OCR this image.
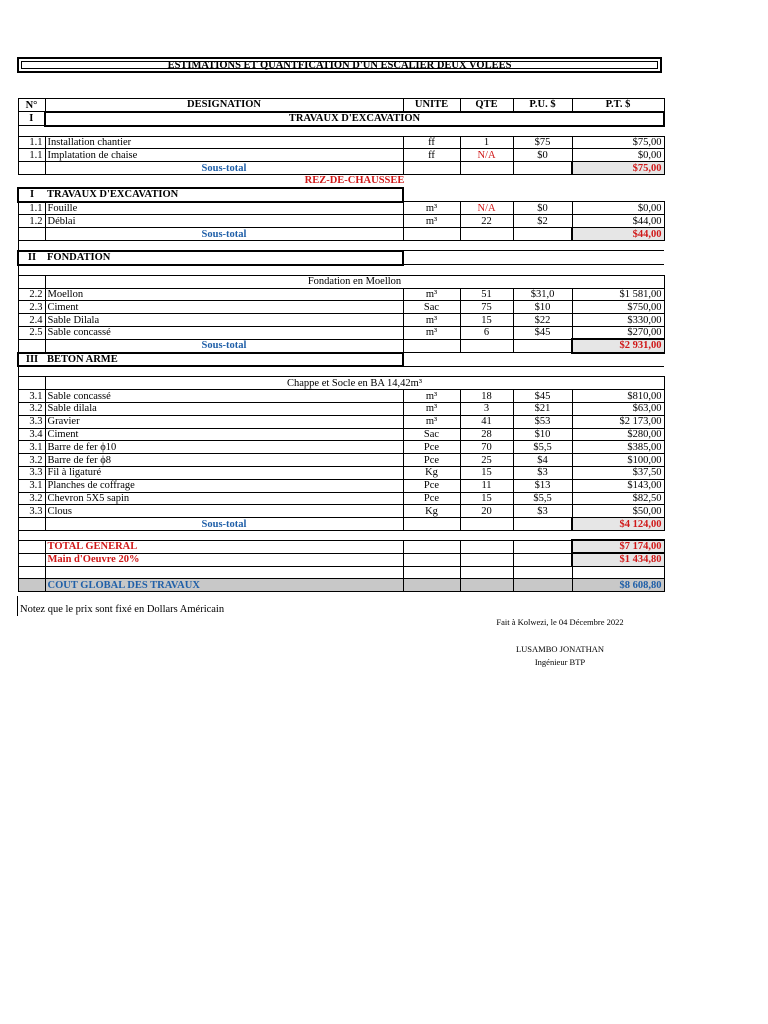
ESTIMATIONS ET QUANTFICATION D'UN ESCALIER DEUX VOLEES
N°	DESIGNATION	UNITE	QTE	P.U. $	P.T. $
I	TRAVAUX D'EXCAVATION				

1.1	Installation chantier	ff	1	$75	$75,00
1.1	Implatation de chaise	ff	N/A	$0	$0,00
	Sous-total				$75,00
	REZ-DE-CHAUSSEE				
I	TRAVAUX D'EXCAVATION				
1.1	Fouille	m³	N/A	$0	$0,00
1.2	Déblai	m³	22	$2	$44,00
	Sous-total				$44,00

II	FONDATION				

	Fondation en Moellon				
2.2	Moellon	m³	51	$31,0	$1 581,00
2.3	Ciment	Sac	75	$10	$750,00
2.4	Sable Dilala	m³	15	$22	$330,00
2.5	Sable concassé	m³	6	$45	$270,00
	Sous-total				$2 931,00
III	BETON ARME				

	Chappe et Socle en BA 14,42m³				
3.1	Sable concassé	m³	18	$45	$810,00
3.2	Sable dilala	m³	3	$21	$63,00
3.3	Gravier	m³	41	$53	$2 173,00
3.4	Ciment	Sac	28	$10	$280,00
3.1	Barre de fer ϕ10	Pce	70	$5,5	$385,00
3.2	Barre de fer ϕ8	Pce	25	$4	$100,00
3.3	Fil à ligaturé	Kg	15	$3	$37,50
3.1	Planches de coffrage	Pce	11	$13	$143,00
3.2	Chevron 5X5 sapin	Pce	15	$5,5	$82,50
3.3	Clous	Kg	20	$3	$50,00
	Sous-total				$4 124,00

	TOTAL GENERAL				$7 174,00
	Main d'Oeuvre 20%				$1 434,80

	COUT GLOBAL DES TRAVAUX				$8 608,80
Notez que le prix sont fixé en Dollars Américain
Fait à Kolwezi, le 04 Décembre 2022
LUSAMBO JONATHAN
Ingénieur BTP
